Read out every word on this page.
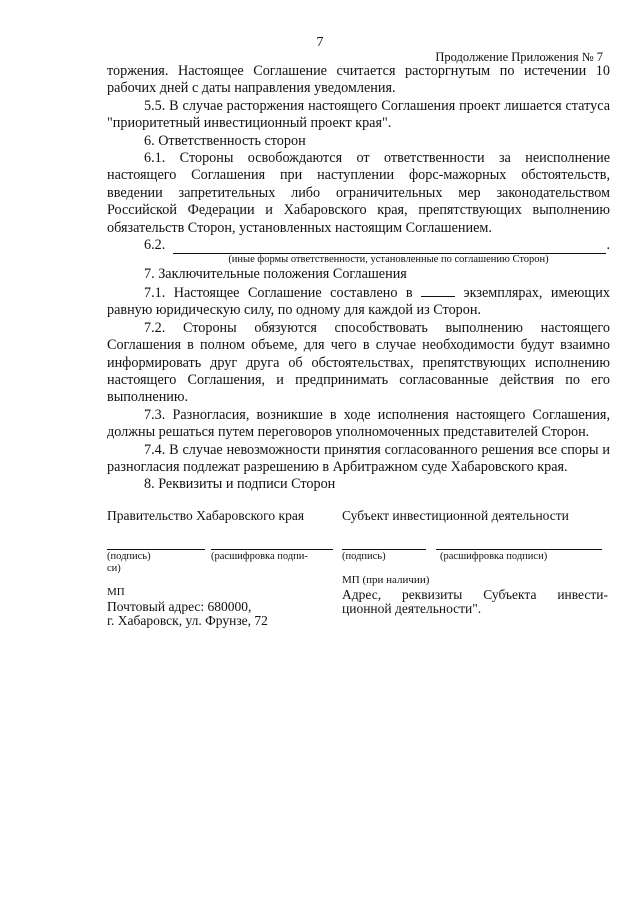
7
Продолжение Приложения № 7

торжения. Настоящее Соглашение считается расторгнутым по истечении 10 рабочих дней с даты направления уведомления.

5.5. В случае расторжения настоящего Соглашения проект лишается статуса "приоритетный инвестиционный проект края".

6. Ответственность сторон

6.1. Стороны освобождаются от ответственности за неисполнение настоящего Соглашения при наступлении форс-мажорных обстоятельств, введении запретительных либо ограничительных мер законодательством Российской Федерации и Хабаровского края, препятствующих выполнению обязательств Сторон, установленных настоящим Соглашением.

6.2.	.
(иные формы ответственности, установленные по соглашению Сторон)

7. Заключительные положения Соглашения

7.1. Настоящее Соглашение составлено в	экземплярах, имеющих равную юридическую силу, по одному для каждой из Сторон.

7.2. Стороны обязуются способствовать выполнению настоящего Соглашения в полном объеме, для чего в случае необходимости будут взаимно информировать друг друга об обстоятельствах, препятствующих исполнению настоящего Соглашения, и предпринимать согласованные действия по его выполнению.

7.3. Разногласия, возникшие в ходе исполнения настоящего Соглашения, должны решаться путем переговоров уполномоченных представителей Сторон.

7.4. В случае невозможности принятия согласованного решения все споры и разногласия подлежат разрешению в Арбитражном суде Хабаровского края.

8. Реквизиты и подписи Сторон

Правительство Хабаровского края

(подпись)	(расшифровка подпи-
си)
МП

Почтовый адрес: 680000,

г. Хабаровск, ул. Фрунзе, 72

Субъект инвестиционной деятельности

(подпись)	(расшифровка подписи)
МП (при наличии)

Адрес, реквизиты Субъекта инвести-

ционной деятельности".
